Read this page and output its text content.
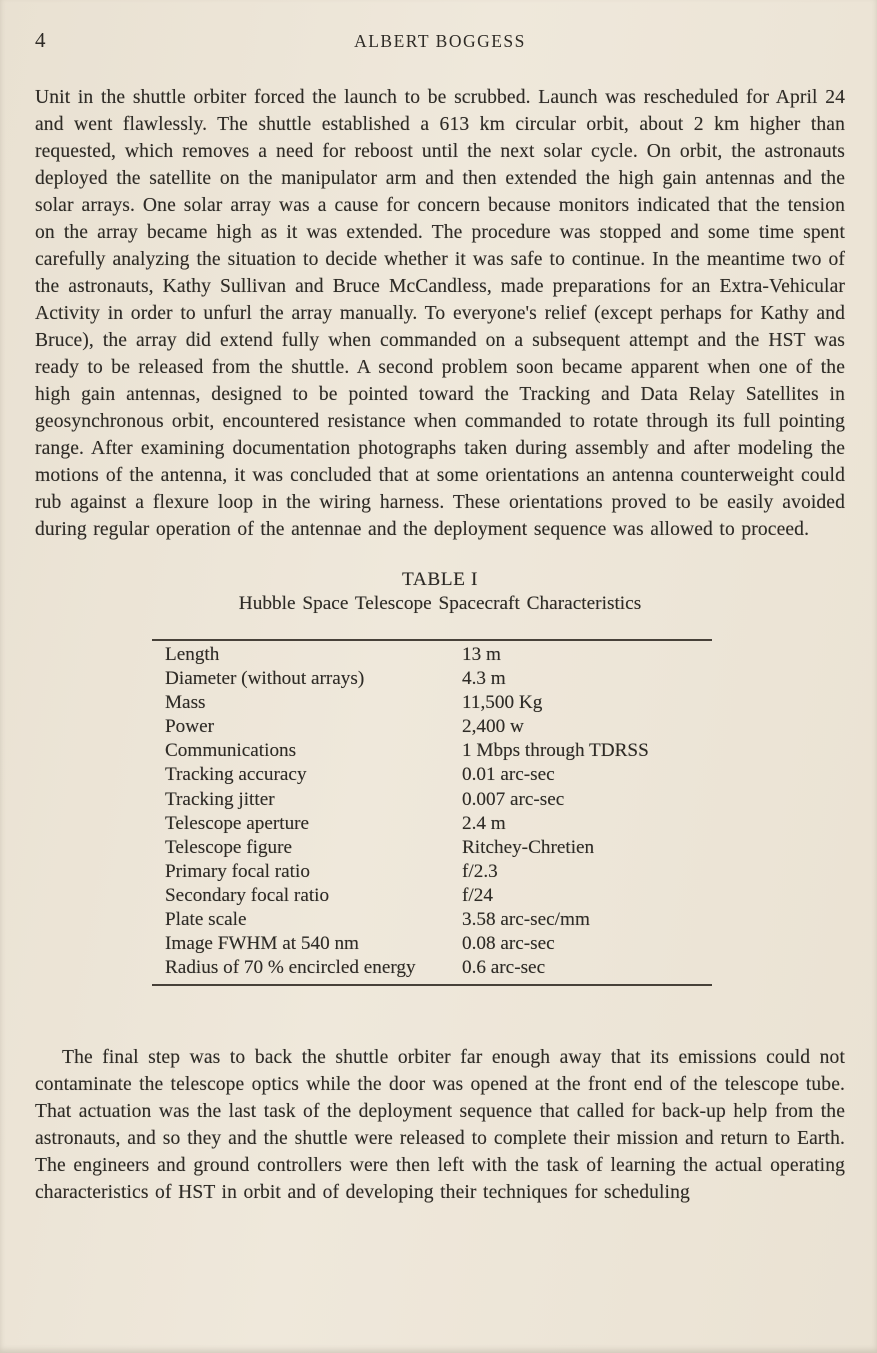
4	ALBERT BOGGESS

Unit in the shuttle orbiter forced the launch to be scrubbed. Launch was rescheduled for April 24 and went flawlessly. The shuttle established a 613 km circular orbit, about 2 km higher than requested, which removes a need for reboost until the next solar cycle. On orbit, the astronauts deployed the satellite on the manipulator arm and then extended the high gain antennas and the solar arrays. One solar array was a cause for concern because monitors indicated that the tension on the array became high as it was extended. The procedure was stopped and some time spent carefully analyzing the situation to decide whether it was safe to continue. In the meantime two of the astronauts, Kathy Sullivan and Bruce McCandless, made preparations for an Extra-Vehicular Activity in order to unfurl the array manually. To everyone's relief (except perhaps for Kathy and Bruce), the array did extend fully when commanded on a subsequent attempt and the HST was ready to be released from the shuttle. A second problem soon became apparent when one of the high gain antennas, designed to be pointed toward the Tracking and Data Relay Satellites in geosynchronous orbit, encountered resistance when commanded to rotate through its full pointing range. After examining documentation photographs taken during assembly and after modeling the motions of the antenna, it was concluded that at some orientations an antenna counterweight could rub against a flexure loop in the wiring harness. These orientations proved to be easily avoided during regular operation of the antennae and the deployment sequence was allowed to proceed.

TABLE I
Hubble Space Telescope Spacecraft Characteristics
Length	13 m
Diameter (without arrays)	4.3 m
Mass	11,500 Kg
Power	2,400 w
Communications	1 Mbps through TDRSS
Tracking accuracy	0.01 arc-sec
Tracking jitter	0.007 arc-sec
Telescope aperture	2.4 m
Telescope figure	Ritchey-Chretien
Primary focal ratio	f/2.3
Secondary focal ratio	f/24
Plate scale	3.58 arc-sec/mm
Image FWHM at 540 nm	0.08 arc-sec
Radius of 70 % encircled energy	0.6 arc-sec

The final step was to back the shuttle orbiter far enough away that its emissions could not contaminate the telescope optics while the door was opened at the front end of the telescope tube. That actuation was the last task of the deployment sequence that called for back-up help from the astronauts, and so they and the shuttle were released to complete their mission and return to Earth. The engineers and ground controllers were then left with the task of learning the actual operating characteristics of HST in orbit and of developing their techniques for scheduling
